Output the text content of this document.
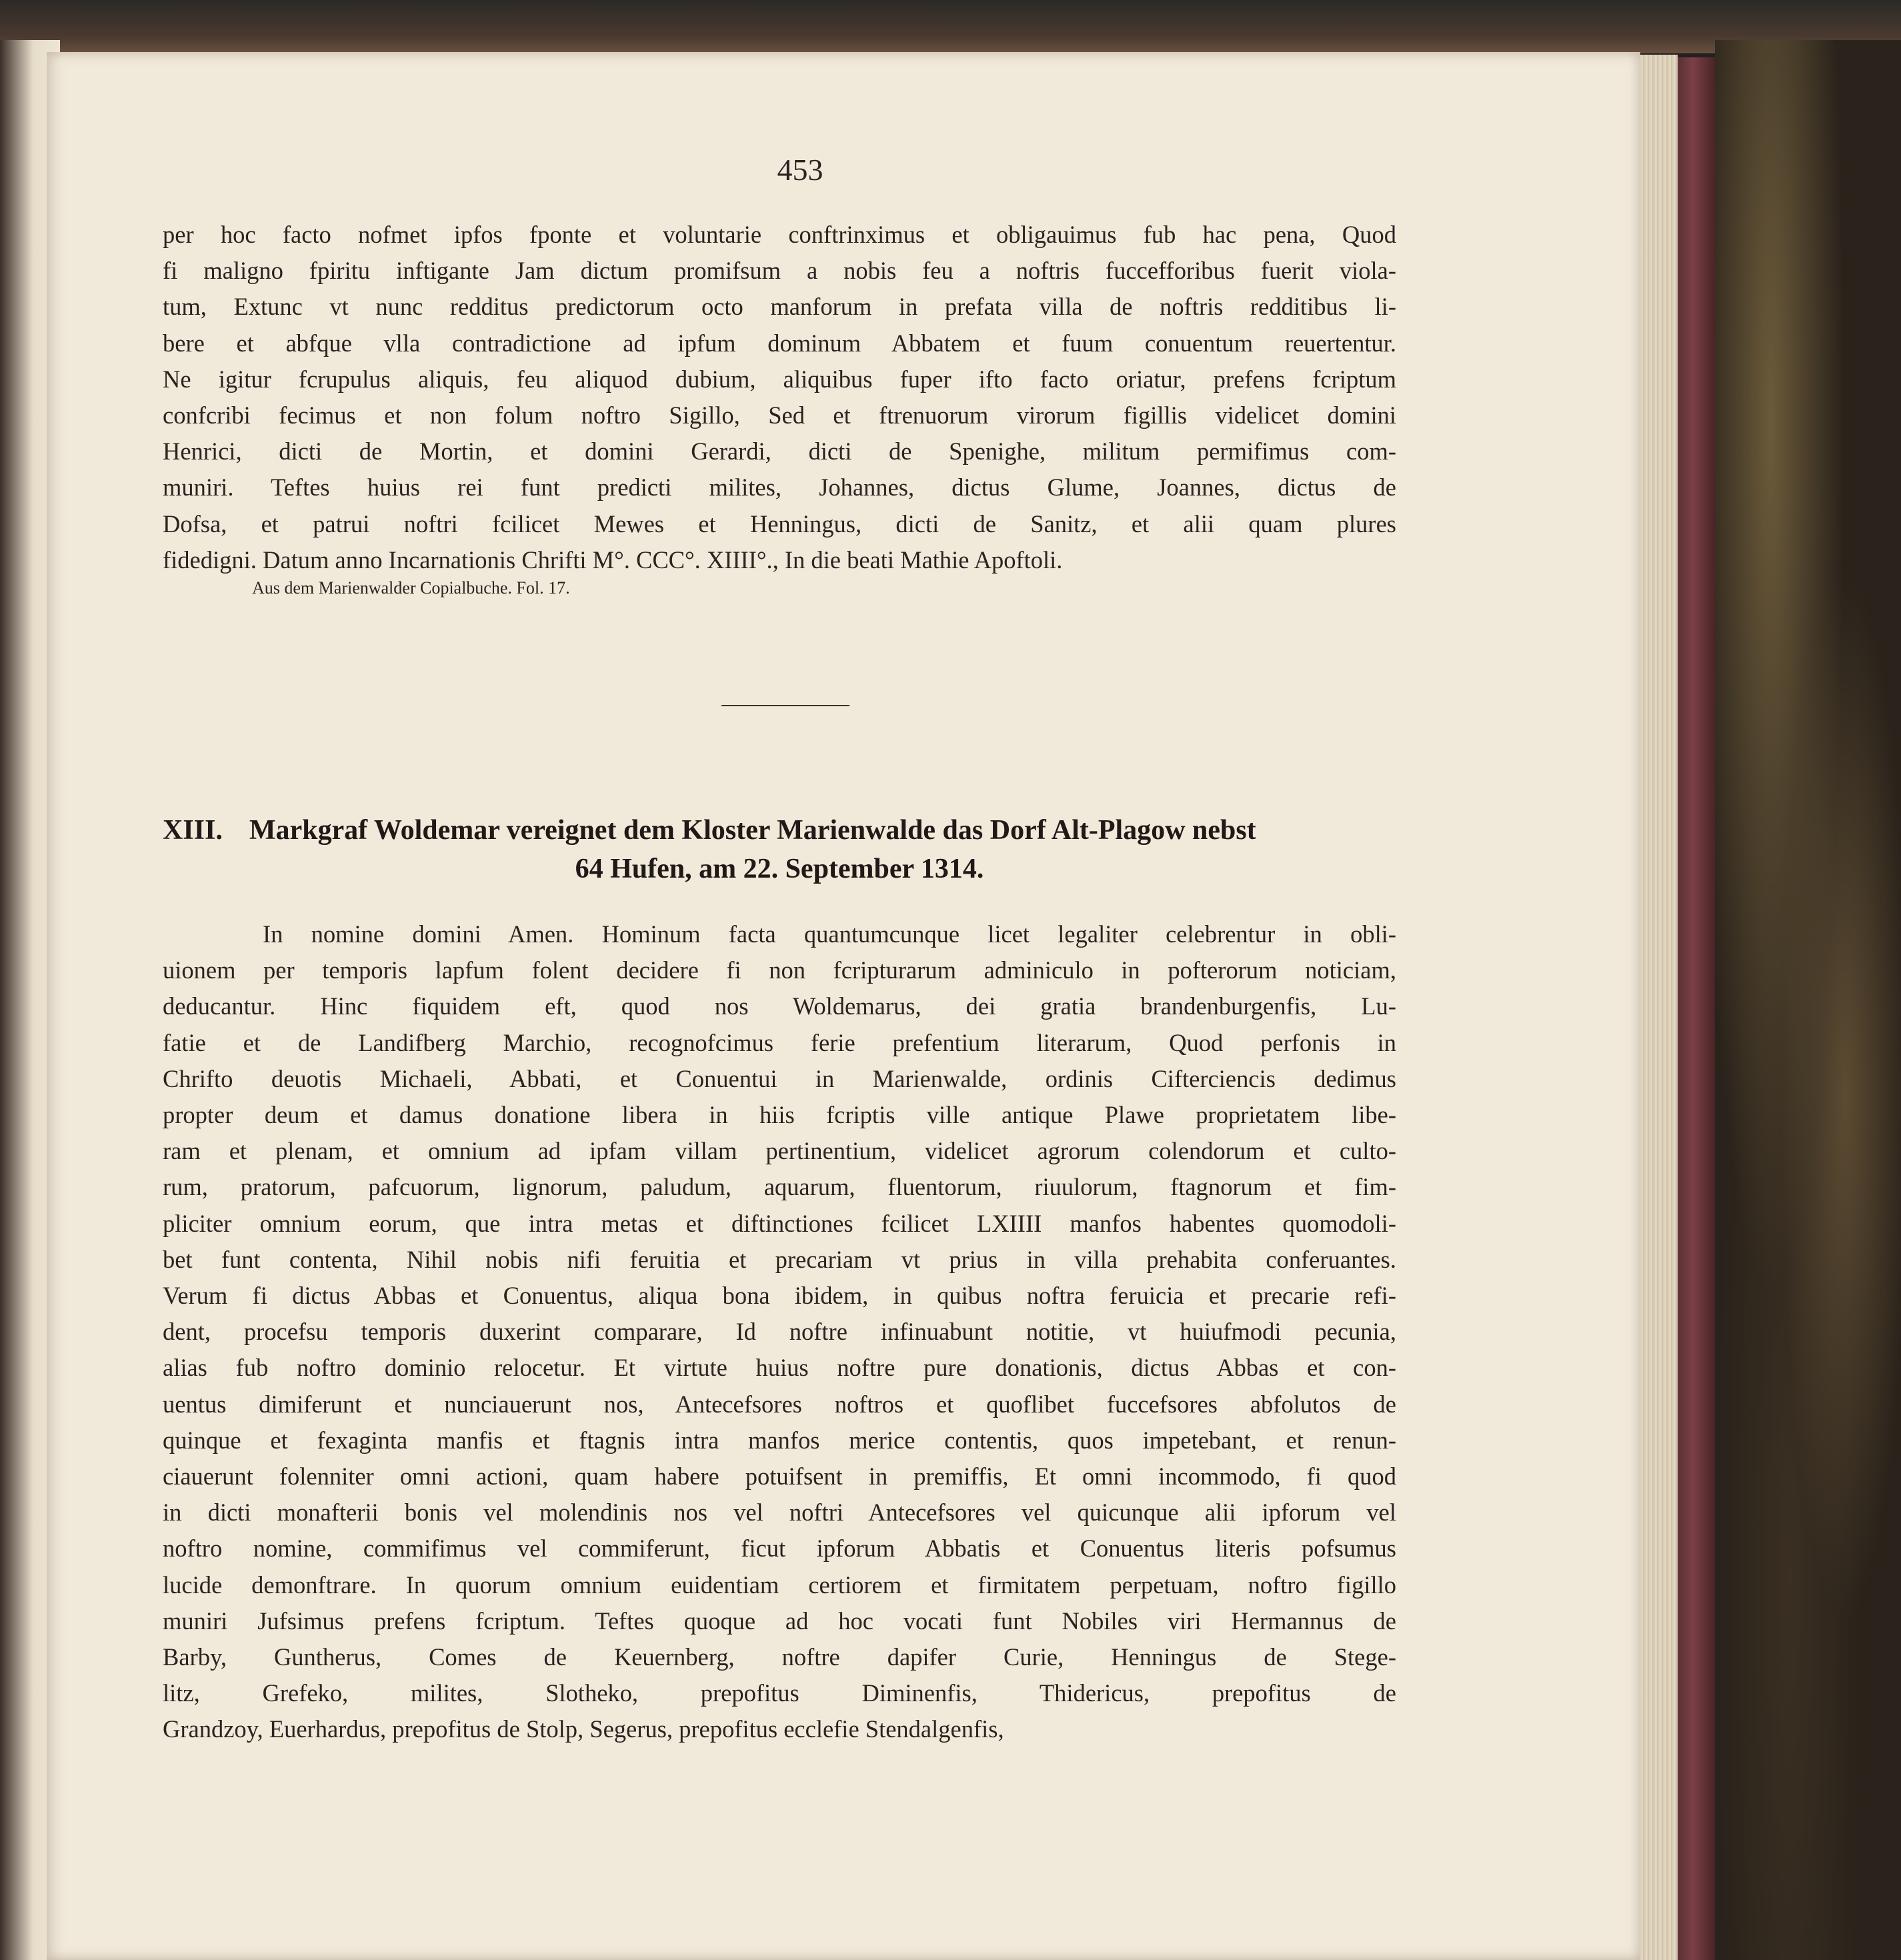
453
per hoc facto nofmet ipfos fponte et voluntarie conftrinximus et obligauimus fub hac pena, Quod
fi maligno fpiritu inftigante Jam dictum promifsum a nobis feu a noftris fuccefforibus fuerit viola-
tum, Extunc vt nunc redditus predictorum octo manforum in prefata villa de noftris redditibus li-
bere et abfque vlla contradictione ad ipfum dominum Abbatem et fuum conuentum reuertentur.
Ne igitur fcrupulus aliquis, feu aliquod dubium, aliquibus fuper ifto facto oriatur, prefens fcriptum
confcribi fecimus et non folum noftro Sigillo, Sed et ftrenuorum virorum figillis videlicet domini
Henrici, dicti de Mortin, et domini Gerardi, dicti de Spenighe, militum permifimus com-
muniri. Teftes huius rei funt predicti milites, Johannes, dictus Glume, Joannes, dictus de
Dofsa, et patrui noftri fcilicet Mewes et Henningus, dicti de Sanitz, et alii quam plures
fidedigni. Datum anno Incarnationis Chrifti M°. CCC°. XIIII°., In die beati Mathie Apoftoli.
Aus dem Marienwalder Copialbuche. Fol. 17.
XIII. Markgraf Woldemar vereignet dem Kloster Marienwalde das Dorf Alt-Plagow nebst
64 Hufen, am 22. September 1314.
In nomine domini Amen. Hominum facta quantumcunque licet legaliter celebrentur in obli-
uionem per temporis lapfum folent decidere fi non fcripturarum adminiculo in pofterorum noticiam,
deducantur. Hinc fiquidem eft, quod nos Woldemarus, dei gratia brandenburgenfis, Lu-
fatie et de Landifberg Marchio, recognofcimus ferie prefentium literarum, Quod perfonis in
Chrifto deuotis Michaeli, Abbati, et Conuentui in Marienwalde, ordinis Cifterciencis dedimus
propter deum et damus donatione libera in hiis fcriptis ville antique Plawe proprietatem libe-
ram et plenam, et omnium ad ipfam villam pertinentium, videlicet agrorum colendorum et culto-
rum, pratorum, pafcuorum, lignorum, paludum, aquarum, fluentorum, riuulorum, ftagnorum et fim-
pliciter omnium eorum, que intra metas et diftinctiones fcilicet LXIIII manfos habentes quomodoli-
bet funt contenta, Nihil nobis nifi feruitia et precariam vt prius in villa prehabita conferuantes.
Verum fi dictus Abbas et Conuentus, aliqua bona ibidem, in quibus noftra feruicia et precarie refi-
dent, procefsu temporis duxerint comparare, Id noftre infinuabunt notitie, vt huiufmodi pecunia,
alias fub noftro dominio relocetur. Et virtute huius noftre pure donationis, dictus Abbas et con-
uentus dimiferunt et nunciauerunt nos, Antecefsores noftros et quoflibet fuccefsores abfolutos de
quinque et fexaginta manfis et ftagnis intra manfos merice contentis, quos impetebant, et renun-
ciauerunt folenniter omni actioni, quam habere potuifsent in premiffis, Et omni incommodo, fi quod
in dicti monafterii bonis vel molendinis nos vel noftri Antecefsores vel quicunque alii ipforum vel
noftro nomine, commifimus vel commiferunt, ficut ipforum Abbatis et Conuentus literis pofsumus
lucide demonftrare. In quorum omnium euidentiam certiorem et firmitatem perpetuam, noftro figillo
muniri Jufsimus prefens fcriptum. Teftes quoque ad hoc vocati funt Nobiles viri Hermannus de
Barby, Guntherus, Comes de Keuernberg, noftre dapifer Curie, Henningus de Stege-
litz, Grefeko, milites, Slotheko, prepofitus Diminenfis, Thidericus, prepofitus de
Grandzoy, Euerhardus, prepofitus de Stolp, Segerus, prepofitus ecclefie Stendalgenfis,
